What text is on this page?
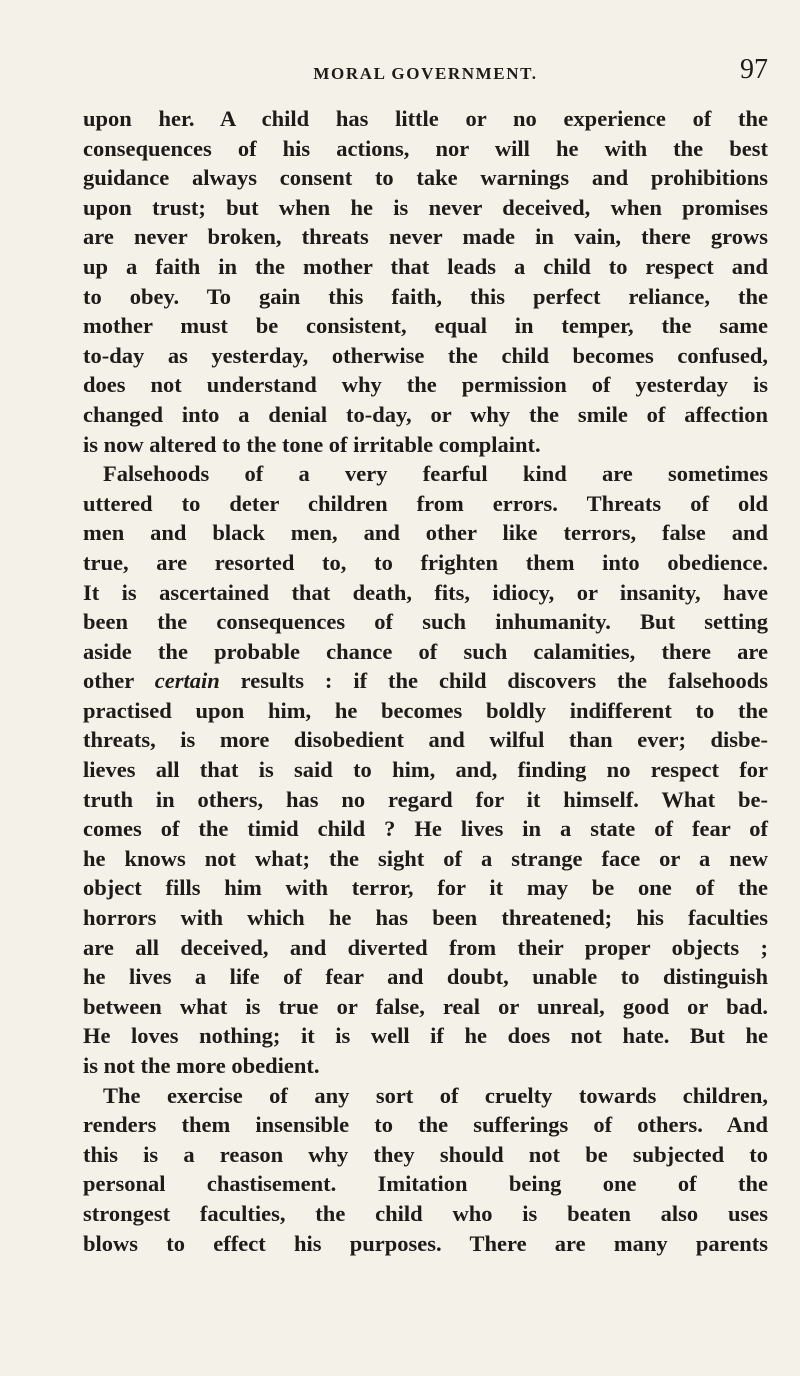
MORAL GOVERNMENT.	97
upon her. A child has little or no experience of the
consequences of his actions, nor will he with the best
guidance always consent to take warnings and prohibitions
upon trust; but when he is never deceived, when promises
are never broken, threats never made in vain, there grows
up a faith in the mother that leads a child to respect and
to obey. To gain this faith, this perfect reliance, the
mother must be consistent, equal in temper, the same
to-day as yesterday, otherwise the child becomes confused,
does not understand why the permission of yesterday is
changed into a denial to-day, or why the smile of affection
is now altered to the tone of irritable complaint.
Falsehoods of a very fearful kind are sometimes
uttered to deter children from errors. Threats of old
men and black men, and other like terrors, false and
true, are resorted to, to frighten them into obedience.
It is ascertained that death, fits, idiocy, or insanity, have
been the consequences of such inhumanity. But setting
aside the probable chance of such calamities, there are
other certain results : if the child discovers the falsehoods
practised upon him, he becomes boldly indifferent to the
threats, is more disobedient and wilful than ever; disbe-
lieves all that is said to him, and, finding no respect for
truth in others, has no regard for it himself. What be-
comes of the timid child ? He lives in a state of fear of
he knows not what; the sight of a strange face or a new
object fills him with terror, for it may be one of the
horrors with which he has been threatened; his faculties
are all deceived, and diverted from their proper objects ;
he lives a life of fear and doubt, unable to distinguish
between what is true or false, real or unreal, good or bad.
He loves nothing; it is well if he does not hate. But he
is not the more obedient.
The exercise of any sort of cruelty towards children,
renders them insensible to the sufferings of others. And
this is a reason why they should not be subjected to
personal chastisement. Imitation being one of the
strongest faculties, the child who is beaten also uses
blows to effect his purposes. There are many parents
